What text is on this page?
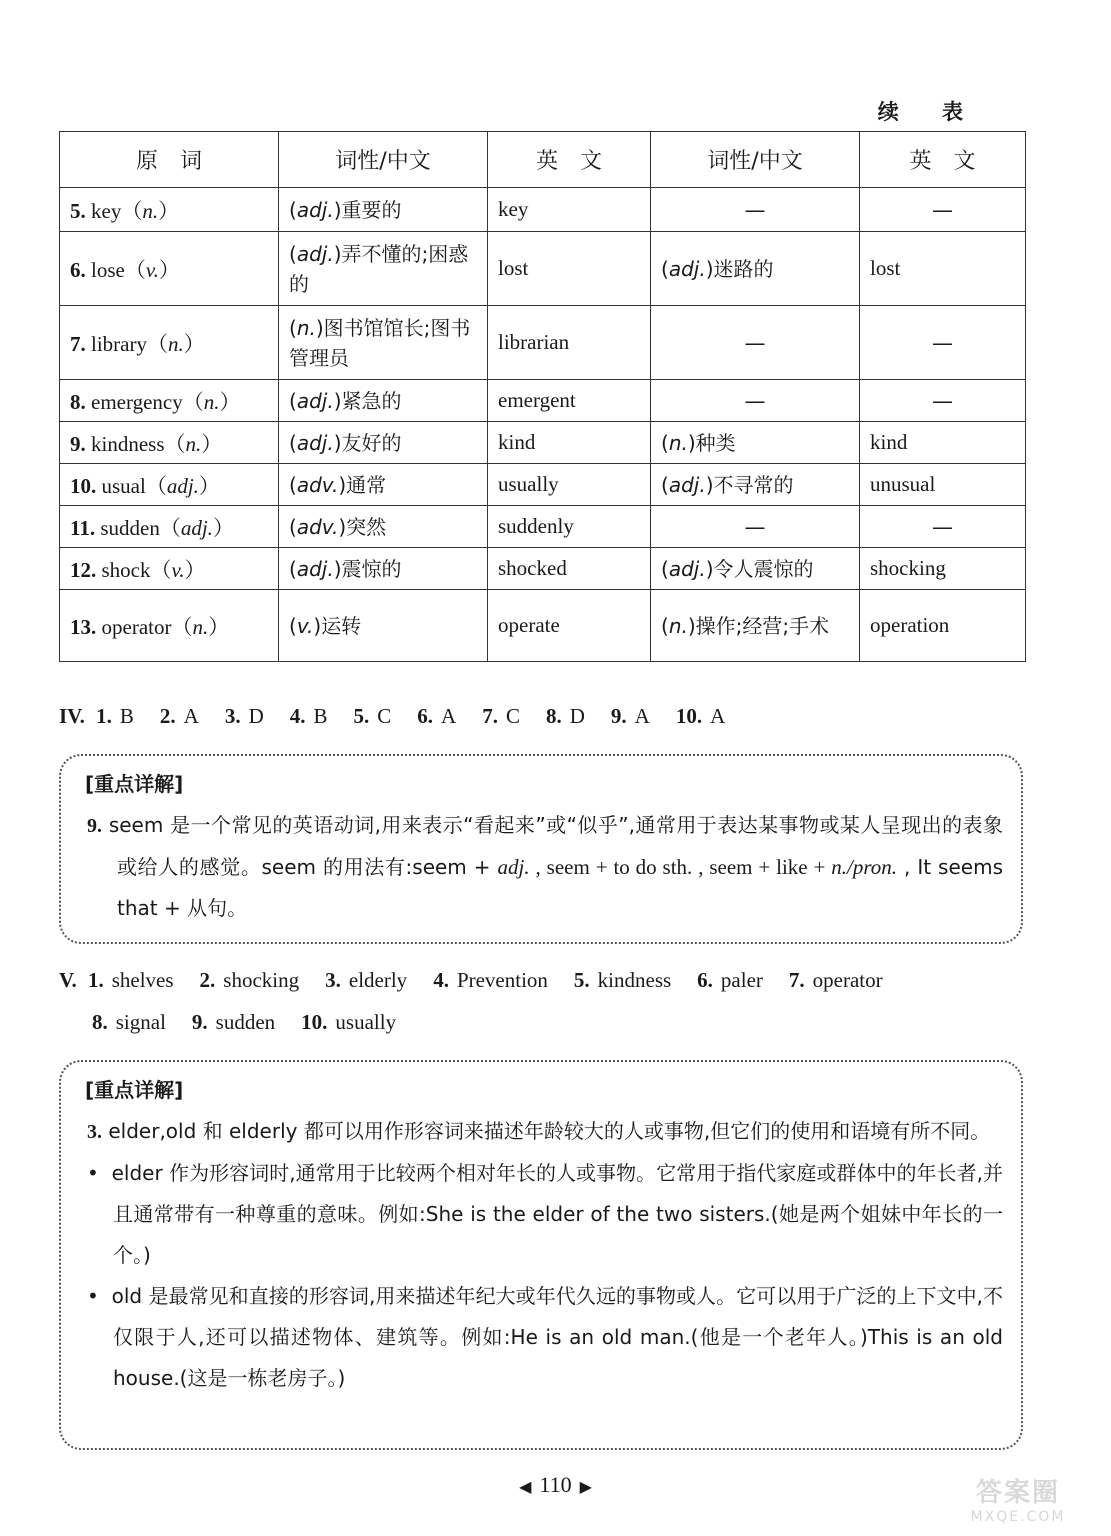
续 表
原　词	词性/中文	英　文	词性/中文	英　文
5. key（n.）	(adj.)重要的	key	—	—
6. lose（v.）	(adj.)弄不懂的;困惑的	lost	(adj.)迷路的	lost
7. library（n.）	(n.)图书馆馆长;图书管理员	librarian	—	—
8. emergency（n.）	(adj.)紧急的	emergent	—	—
9. kindness（n.）	(adj.)友好的	kind	(n.)种类	kind
10. usual（adj.）	(adv.)通常	usually	(adj.)不寻常的	unusual
11. sudden（adj.）	(adv.)突然	suddenly	—	—
12. shock（v.）	(adj.)震惊的	shocked	(adj.)令人震惊的	shocking
13. operator（n.）	(v.)运转	operate	(n.)操作;经营;手术	operation
IV. 1. B 2. A 3. D 4. B 5. C 6. A 7. C 8. D 9. A 10. A
[重点详解]
9. seem 是一个常见的英语动词,用来表示“看起来”或“似乎”,通常用于表达某事物或某人呈现出的表象或给人的感觉。seem 的用法有:seem + adj. , seem + to do sth. , seem + like + n./pron. , It seems that + 从句。
V. 1. shelves 2. shocking 3. elderly 4. Prevention 5. kindness 6. paler 7. operator
8. signal 9. sudden 10. usually
[重点详解]
3. elder,old 和 elderly 都可以用作形容词来描述年龄较大的人或事物,但它们的使用和语境有所不同。
•  elder 作为形容词时,通常用于比较两个相对年长的人或事物。它常用于指代家庭或群体中的年长者,并且通常带有一种尊重的意味。例如:She is the elder of the two sisters.(她是两个姐妹中年长的一个。)
•  old 是最常见和直接的形容词,用来描述年纪大或年代久远的事物或人。它可以用于广泛的上下文中,不仅限于人,还可以描述物体、建筑等。例如:He is an old man.(他是一个老年人。)This is an old house.(这是一栋老房子。)
◀ 110 ▶	答案圈
MXQE.COM
